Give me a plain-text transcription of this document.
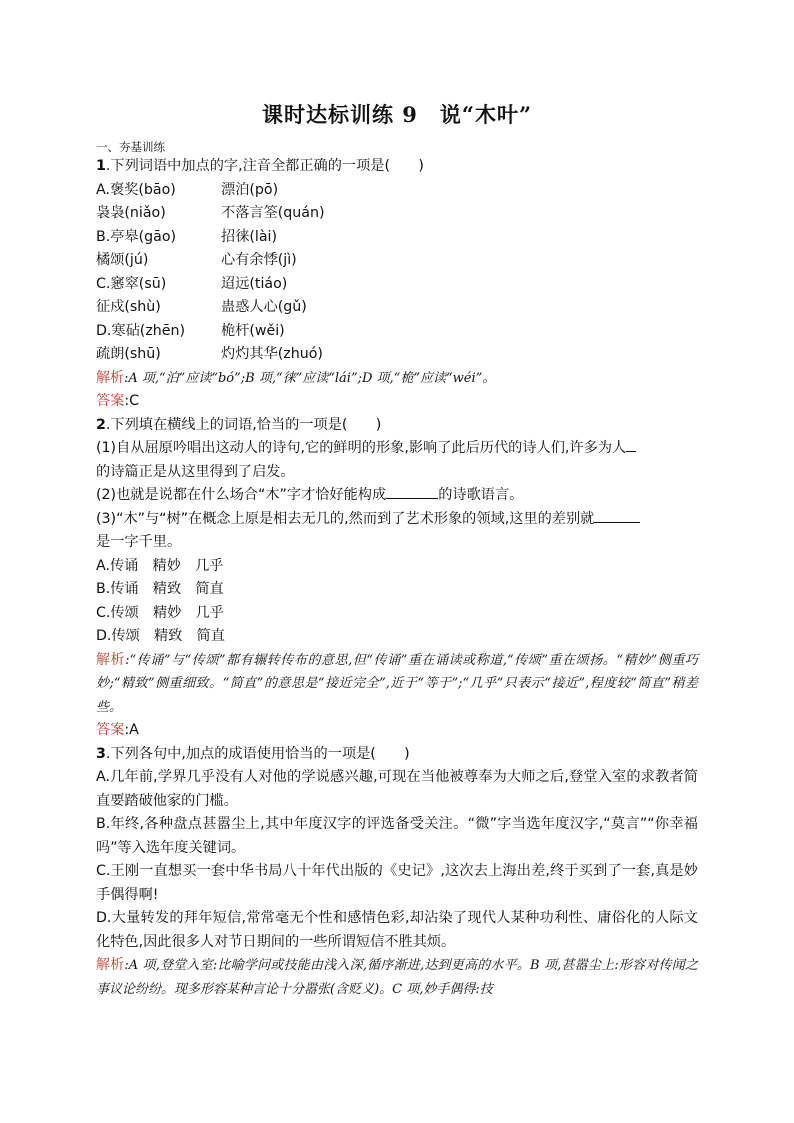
课时达标训练 9　说“木叶”
一、夯基训练
1.下列词语中加点的字,注音全都正确的一项是(　　)
A.褒奖(bāo)	漂泊(pō)
袅袅(niǎo)	不落言筌(quán)
B.亭皋(gāo)	招徕(lài)
橘颂(jú)	心有余悸(jì)
C.窸窣(sū)	迢远(tiáo)
征戍(shù)	蛊惑人心(gǔ)
D.寒砧(zhēn)	桅杆(wěi)
疏朗(shū)	灼灼其华(zhuó)
解析:A 项,“泊”应读“bó”;B 项,“徕”应读“lái”;D 项,“桅”应读“wéi”。
答案:C
2.下列填在横线上的词语,恰当的一项是(　　)
(1)自从屈原吟唱出这动人的诗句,它的鲜明的形象,影响了此后历代的诗人们,许多为人
的诗篇正是从这里得到了启发。
(2)也就是说都在什么场合“木”字才恰好能构成	的诗歌语言。
(3)“木”与“树”在概念上原是相去无几的,然而到了艺术形象的领域,这里的差别就
是一字千里。
A.传诵　精妙　几乎
B.传诵　精致　简直
C.传颂　精妙　几乎
D.传颂　精致　简直
解析:“传诵”与“传颂”都有辗转传布的意思,但“传诵”重在诵读或称道,“传颂”重在颂扬。“精妙”侧重巧妙;“精致”侧重细致。“简直”的意思是“接近完全”,近于“等于”;“几乎”只表示“接近”,程度较“简直”稍差些。
答案:A
3.下列各句中,加点的成语使用恰当的一项是(　　)
A.几年前,学界几乎没有人对他的学说感兴趣,可现在当他被尊奉为大师之后,登堂入室的求教者简直要踏破他家的门槛。
B.年终,各种盘点甚嚣尘上,其中年度汉字的评选备受关注。“微”字当选年度汉字,“莫言”“你幸福吗”等入选年度关键词。
C.王刚一直想买一套中华书局八十年代出版的《史记》,这次去上海出差,终于买到了一套,真是妙手偶得啊!
D.大量转发的拜年短信,常常毫无个性和感情色彩,却沾染了现代人某种功利性、庸俗化的人际文化特色,因此很多人对节日期间的一些所谓短信不胜其烦。
解析:A 项,登堂入室:比喻学问或技能由浅入深,循序渐进,达到更高的水平。B 项,甚嚣尘上:形容对传闻之事议论纷纷。现多形容某种言论十分嚣张(含贬义)。C 项,妙手偶得:技
